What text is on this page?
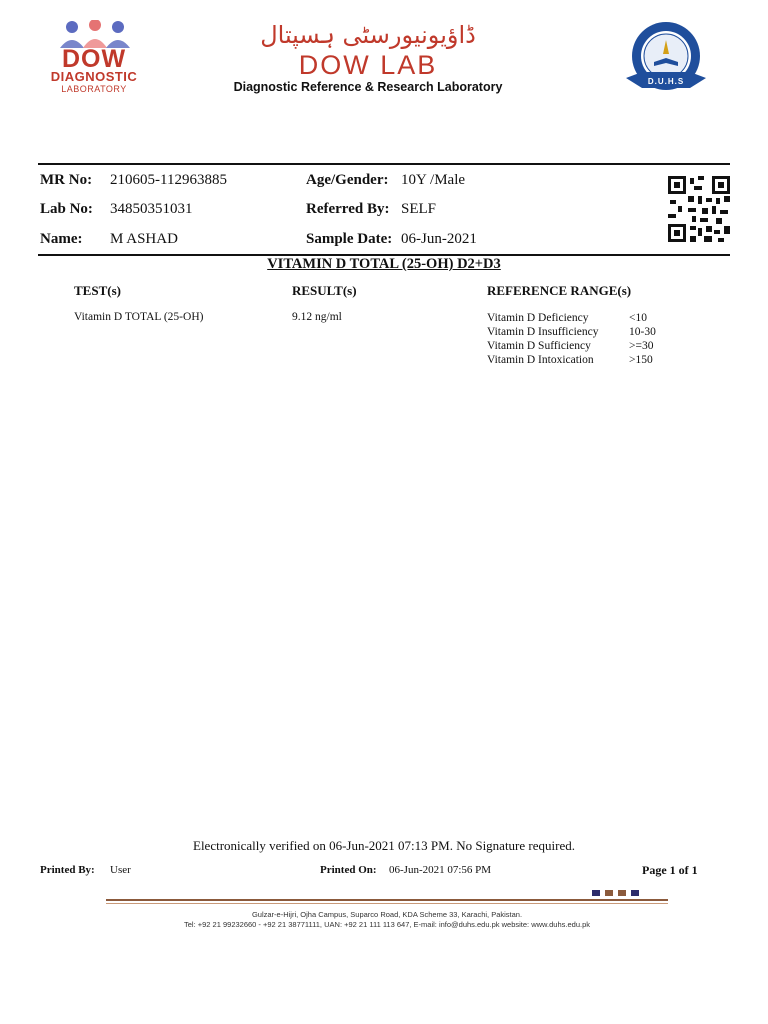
DOW
DIAGNOSTIC
LABORATORY
ڈاؤیونیورسٹی ہسپتال
DOW LAB
Diagnostic Reference & Research Laboratory	D.U.H.S
MR No: 210605-112963885
Lab No: 34850351031
Name: M ASHAD
Age/Gender: 10Y /Male
Referred By: SELF
Sample Date: 06-Jun-2021
VITAMIN D TOTAL (25-OH) D2+D3
TEST(s)	RESULT(s)	REFERENCE RANGE(s)
Vitamin D TOTAL (25-OH)	9.12 ng/ml	Vitamin D Deficiency	<10
Vitamin D Insufficiency	10-30
Vitamin D Sufficiency	>=30
Vitamin D Intoxication	>150
Electronically verified on 06-Jun-2021 07:13 PM. No Signature required.
Printed By: User	Printed On: 06-Jun-2021 07:56 PM	Page 1 of 1
Gulzar-e-Hijri, Ojha Campus, Suparco Road, KDA Scheme 33, Karachi, Pakistan.
Tel: +92 21 99232660 - +92 21 38771111, UAN: +92 21 111 113 647, E-mail: info@duhs.edu.pk website: www.duhs.edu.pk
